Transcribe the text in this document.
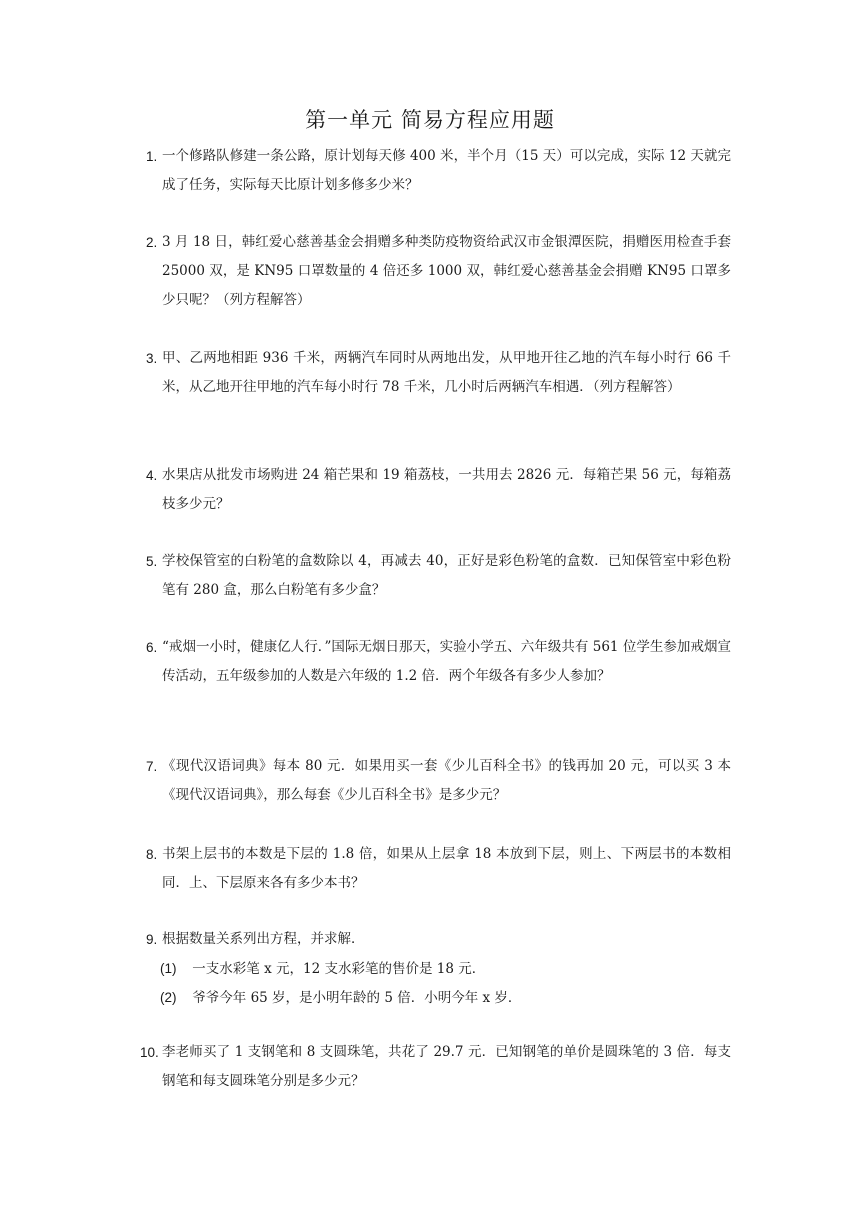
第一单元 简易方程应用题
1. 一个修路队修建一条公路，原计划每天修 400 米，半个月（15 天）可以完成，实际 12 天就完成了任务，实际每天比原计划多修多少米？
2. 3 月 18 日，韩红爱心慈善基金会捐赠多种类防疫物资给武汉市金银潭医院，捐赠医用检查手套 25000 双，是 KN95 口罩数量的 4 倍还多 1000 双，韩红爱心慈善基金会捐赠 KN95 口罩多少只呢？（列方程解答）
3. 甲、乙两地相距 936 千米，两辆汽车同时从两地出发，从甲地开往乙地的汽车每小时行 66 千米，从乙地开往甲地的汽车每小时行 78 千米，几小时后两辆汽车相遇．（列方程解答）
4. 水果店从批发市场购进 24 箱芒果和 19 箱荔枝，一共用去 2826 元．每箱芒果 56 元，每箱荔枝多少元？
5. 学校保管室的白粉笔的盒数除以 4，再减去 40，正好是彩色粉笔的盒数．已知保管室中彩色粉笔有 280 盒，那么白粉笔有多少盒？
6. “戒烟一小时，健康亿人行．”国际无烟日那天，实验小学五、六年级共有 561 位学生参加戒烟宣传活动，五年级参加的人数是六年级的 1.2 倍．两个年级各有多少人参加？
7. 《现代汉语词典》每本 80 元．如果用买一套《少儿百科全书》的钱再加 20 元，可以买 3 本《现代汉语词典》，那么每套《少儿百科全书》是多少元？
8. 书架上层书的本数是下层的 1.8 倍，如果从上层拿 18 本放到下层，则上、下两层书的本数相同．上、下层原来各有多少本书？
9. 根据数量关系列出方程，并求解．
(1) 一支水彩笔 x 元，12 支水彩笔的售价是 18 元．
(2) 爷爷今年 65 岁，是小明年龄的 5 倍．小明今年 x 岁．
10. 李老师买了 1 支钢笔和 8 支圆珠笔，共花了 29.7 元．已知钢笔的单价是圆珠笔的 3 倍．每支钢笔和每支圆珠笔分别是多少元？
